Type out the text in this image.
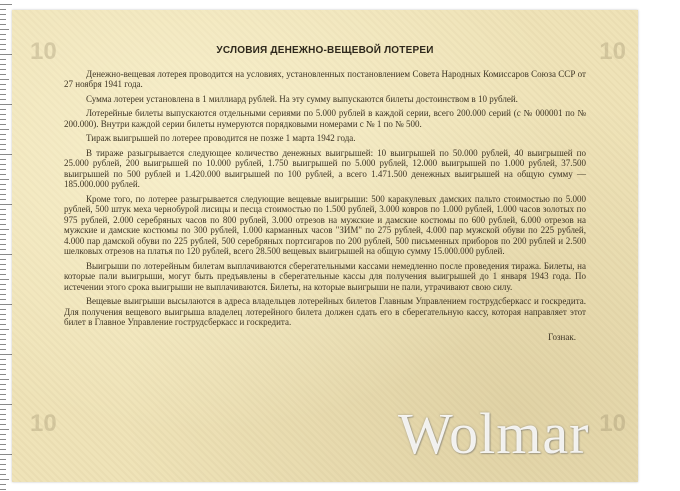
10	10
10	10
УСЛОВИЯ ДЕНЕЖНО-ВЕЩЕВОЙ ЛОТЕРЕИ

Денежно-вещевая лотерея проводится на условиях, установленных постановлением Совета Народных Комиссаров Союза ССР от 27 ноября 1941 года.

Сумма лотереи установлена в 1 миллиард рублей. На эту сумму выпускаются билеты достоинством в 10 рублей.

Лотерейные билеты выпускаются отдельными сериями по 5.000 рублей в каждой серии, всего 200.000 серий (с № 000001 по № 200.000). Внутри каждой серии билеты нумеруются порядковыми номерами с № 1 по № 500.

Тираж выигрышей по лотерее проводится не позже 1 марта 1942 года.

В тираже разыгрывается следующее количество денежных выигрышей: 10 выигрышей по 50.000 рублей, 40 выигрышей по 25.000 рублей, 200 выигрышей по 10.000 рублей, 1.750 выигрышей по 5.000 рублей, 12.000 выигрышей по 1.000 рублей, 37.500 выигрышей по 500 рублей и 1.420.000 выигрышей по 100 рублей, а всего 1.471.500 денежных выигрышей на общую сумму — 185.000.000 рублей.

Кроме того, по лотерее разыгрывается следующие вещевые выигрыши: 500 каракулевых дамских пальто стоимостью по 5.000 рублей, 500 штук меха чернобурой лисицы и песца стоимостью по 1.500 рублей, 3.000 ковров по 1.000 рублей, 1.000 часов золотых по 975 рублей, 2.000 серебряных часов по 800 рублей, 3.000 отрезов на мужские и дамские костюмы по 600 рублей, 6.000 отрезов на мужские и дамские костюмы по 300 рублей, 1.000 карманных часов "ЗИМ" по 275 рублей, 4.000 пар мужской обуви по 225 рублей, 4.000 пар дамской обуви по 225 рублей, 500 серебряных портсигаров по 200 рублей, 500 письменных приборов по 200 рублей и 2.500 шелковых отрезов на платья по 120 рублей, всего 28.500 вещевых выигрышей на общую сумму 15.000.000 рублей.

Выигрыши по лотерейным билетам выплачиваются сберегательными кассами немедленно после проведения тиража. Билеты, на которые пали выигрыши, могут быть предъявлены в сберегательные кассы для получения выигрышей до 1 января 1943 года. По истечении этого срока выигрыши не выплачиваются. Билеты, на которые выигрыши не пали, утрачивают свою силу.

Вещевые выигрыши высылаются в адреса владельцев лотерейных билетов Главным Управлением гострудсберкасс и госкредита. Для получения вещевого выигрыша владелец лотерейного билета должен сдать его в сберегательную кассу, которая направляет этот билет в Главное Управление гострудсберкасс и госкредита.

Гознак.
Wolmar
